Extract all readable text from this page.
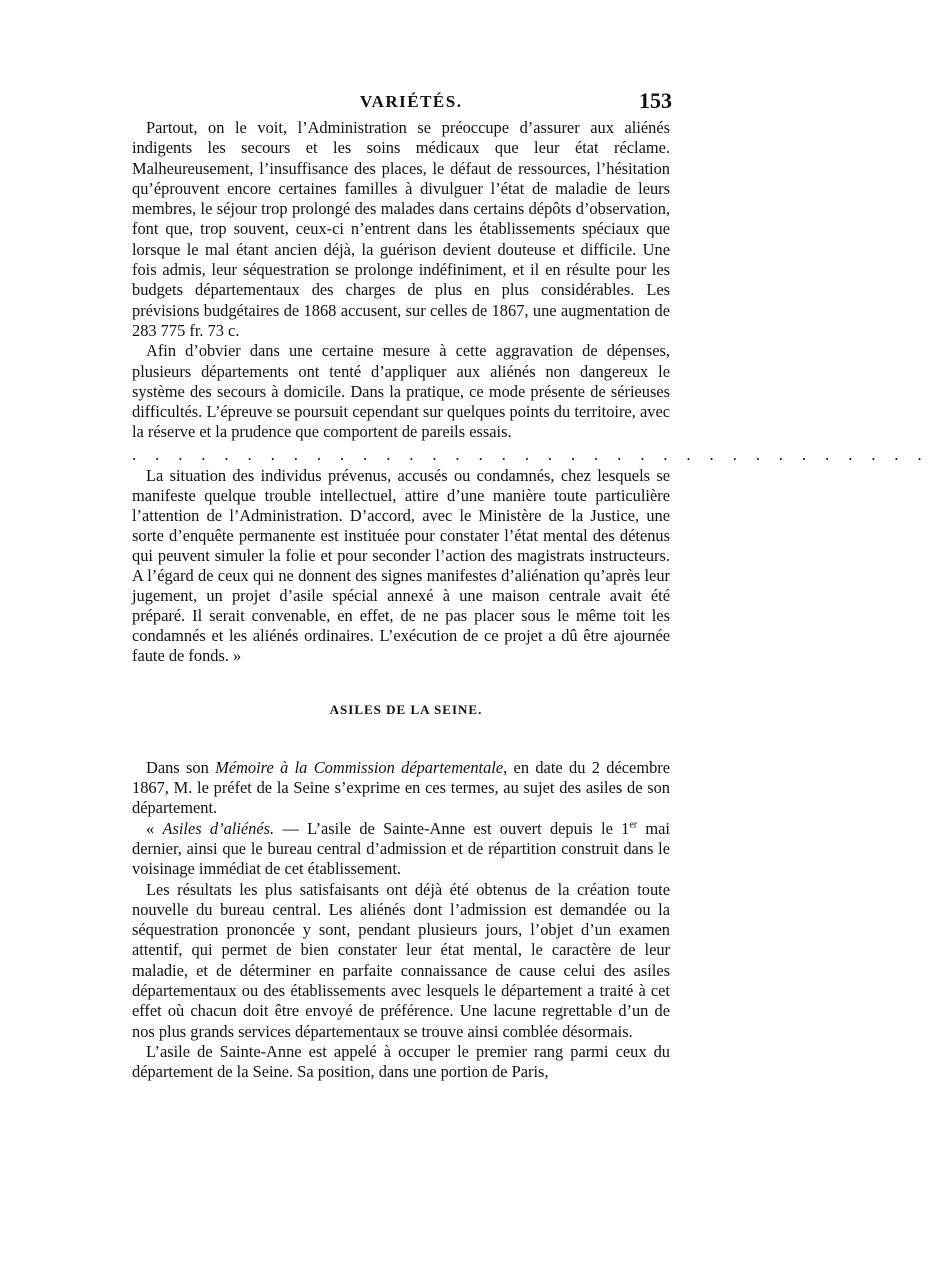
VARIÉTÉS.	153

Partout, on le voit, l’Administration se préoccupe d’assurer aux aliénés indigents les secours et les soins médicaux que leur état réclame. Malheureusement, l’insuffisance des places, le défaut de ressources, l’hésitation qu’éprouvent encore certaines familles à divulguer l’état de maladie de leurs membres, le séjour trop prolongé des malades dans certains dépôts d’observation, font que, trop souvent, ceux-ci n’entrent dans les établissements spéciaux que lorsque le mal étant ancien déjà, la guérison devient douteuse et difficile. Une fois admis, leur séquestration se prolonge indéfiniment, et il en résulte pour les budgets départementaux des charges de plus en plus considérables. Les prévisions budgétaires de 1868 accusent, sur celles de 1867, une augmentation de 283 775 fr. 73 c.

Afin d’obvier dans une certaine mesure à cette aggravation de dépenses, plusieurs départements ont tenté d’appliquer aux aliénés non dangereux le système des secours à domicile. Dans la pratique, ce mode présente de sérieuses difficultés. L’épreuve se poursuit cependant sur quelques points du territoire, avec la réserve et la prudence que comportent de pareils essais.

. . . . . . . . . . . . . . . . . . . . . . . . . . . . . . . . . . .

La situation des individus prévenus, accusés ou condamnés, chez lesquels se manifeste quelque trouble intellectuel, attire d’une manière toute particulière l’attention de l’Administration. D’accord, avec le Ministère de la Justice, une sorte d’enquête permanente est instituée pour constater l’état mental des détenus qui peuvent simuler la folie et pour seconder l’action des magistrats instructeurs. A l’égard de ceux qui ne donnent des signes manifestes d’aliénation qu’après leur jugement, un projet d’asile spécial annexé à une maison centrale avait été préparé. Il serait convenable, en effet, de ne pas placer sous le même toit les condamnés et les aliénés ordinaires. L’exécution de ce projet a dû être ajournée faute de fonds. »

ASILES DE LA SEINE.

Dans son Mémoire à la Commission départementale, en date du 2 décembre 1867, M. le préfet de la Seine s’exprime en ces termes, au sujet des asiles de son département.

« Asiles d’aliénés. — L’asile de Sainte-Anne est ouvert depuis le 1er mai dernier, ainsi que le bureau central d’admission et de répartition construit dans le voisinage immédiat de cet établissement.

Les résultats les plus satisfaisants ont déjà été obtenus de la création toute nouvelle du bureau central. Les aliénés dont l’admission est demandée ou la séquestration prononcée y sont, pendant plusieurs jours, l’objet d’un examen attentif, qui permet de bien constater leur état mental, le caractère de leur maladie, et de déterminer en parfaite connaissance de cause celui des asiles départementaux ou des établissements avec lesquels le département a traité à cet effet où chacun doit être envoyé de préférence. Une lacune regrettable d’un de nos plus grands services départementaux se trouve ainsi comblée désormais.

L’asile de Sainte-Anne est appelé à occuper le premier rang parmi ceux du département de la Seine. Sa position, dans une portion de Paris,
